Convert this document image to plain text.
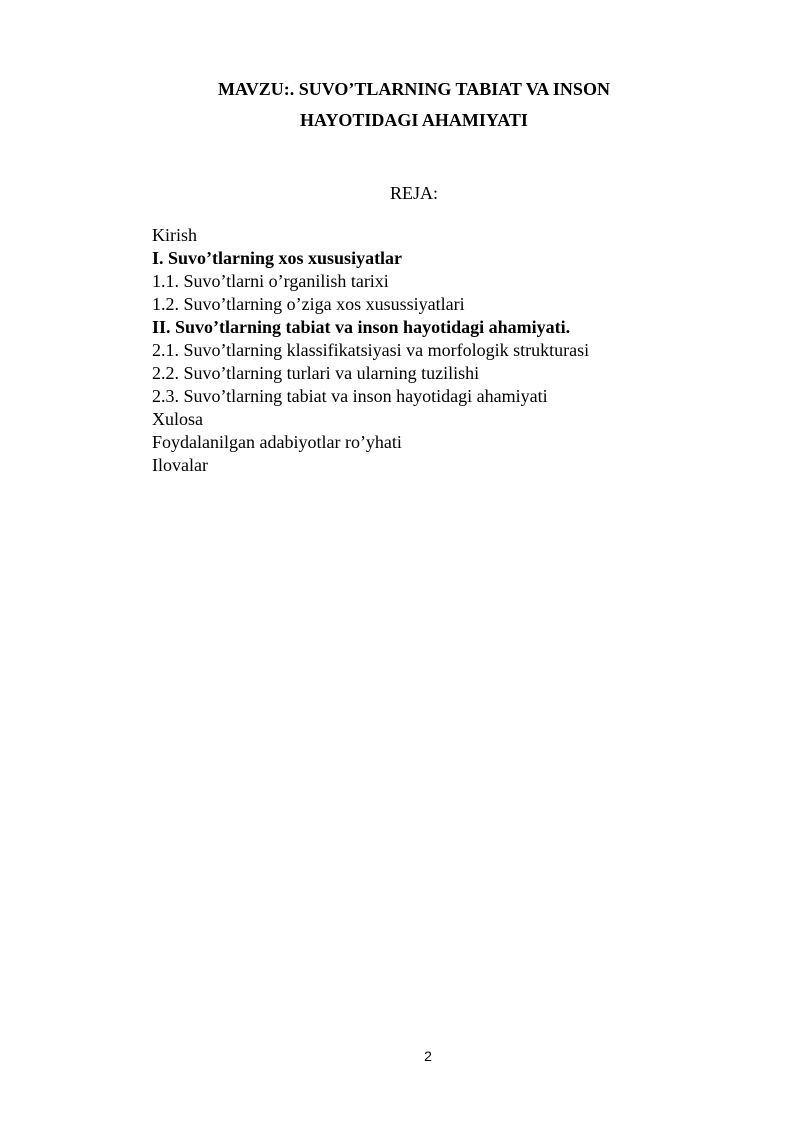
MAVZU:. SUVO’TLARNING TABIAT VA INSON
HAYOTIDAGI AHAMIYATI
REJA:
Kirish
I. Suvo’tlarning xos xususiyatlar
1.1. Suvo’tlarni o’rganilish tarixi
1.2. Suvo’tlarning o’ziga xos xusussiyatlari
II. Suvo’tlarning tabiat va inson hayotidagi ahamiyati.
2.1. Suvo’tlarning klassifikatsiyasi va morfologik strukturasi
2.2. Suvo’tlarning turlari va ularning tuzilishi
2.3. Suvo’tlarning tabiat va inson hayotidagi ahamiyati
Xulosa
Foydalanilgan adabiyotlar ro’yhati
Ilovalar
2
